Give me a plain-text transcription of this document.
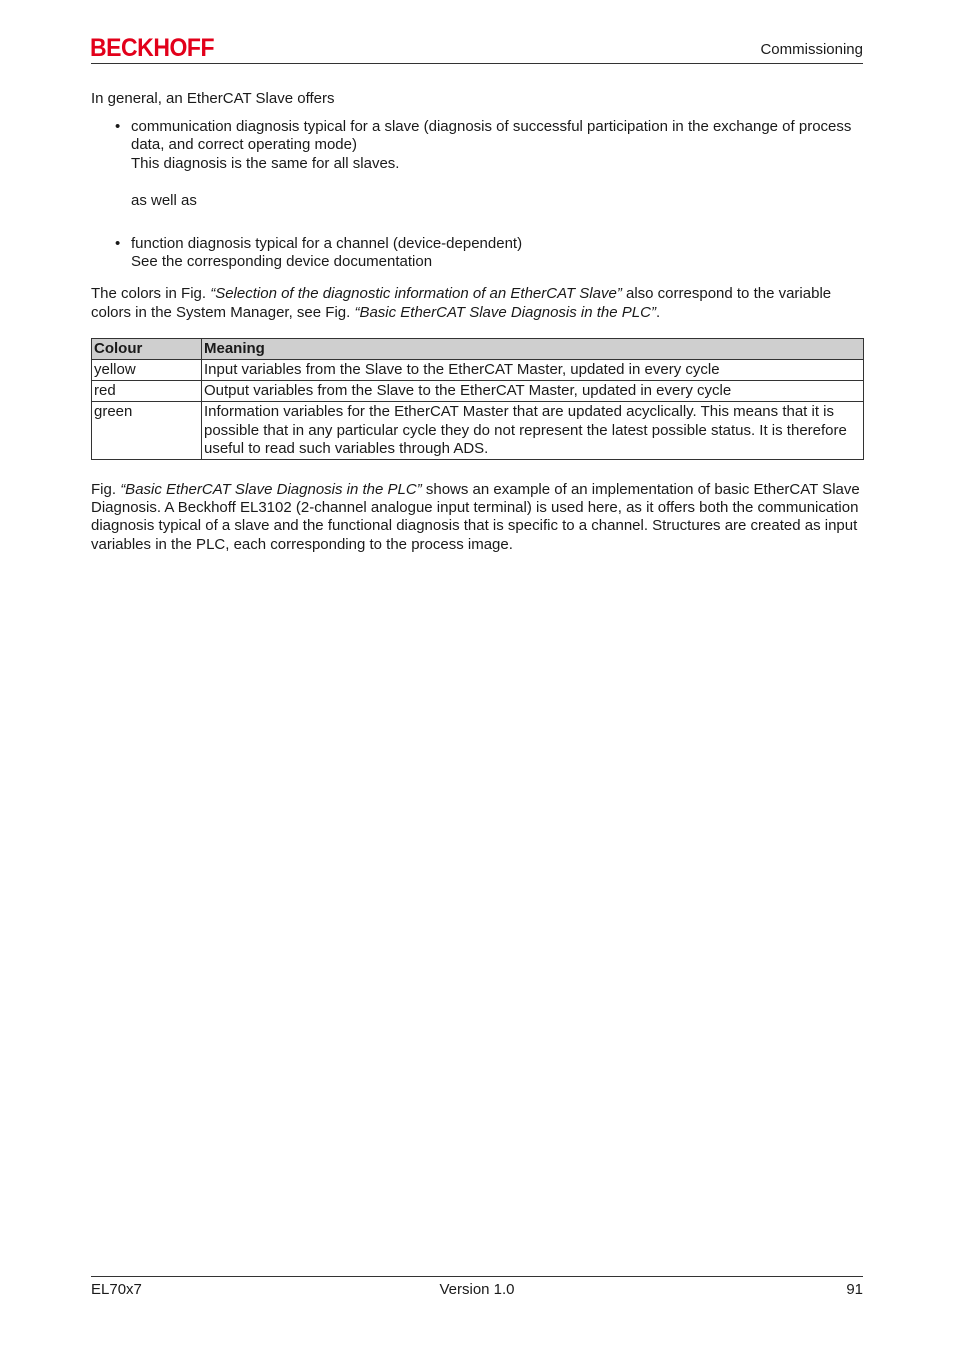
BECKHOFF	Commissioning

In general, an EtherCAT Slave offers

• communication diagnosis typical for a slave (diagnosis of successful participation in the exchange of process data, and correct operating mode)
This diagnosis is the same for all slaves.
as well as
• function diagnosis typical for a channel (device-dependent)
See the corresponding device documentation

The colors in Fig. “Selection of the diagnostic information of an EtherCAT Slave” also correspond to the variable colors in the System Manager, see Fig. “Basic EtherCAT Slave Diagnosis in the PLC”.

Colour	Meaning
yellow	Input variables from the Slave to the EtherCAT Master, updated in every cycle
red	Output variables from the Slave to the EtherCAT Master, updated in every cycle
green	Information variables for the EtherCAT Master that are updated acyclically. This means that it is possible that in any particular cycle they do not represent the latest possible status. It is therefore useful to read such variables through ADS.

Fig. “Basic EtherCAT Slave Diagnosis in the PLC” shows an example of an implementation of basic EtherCAT Slave Diagnosis. A Beckhoff EL3102 (2-channel analogue input terminal) is used here, as it offers both the communication diagnosis typical of a slave and the functional diagnosis that is specific to a channel. Structures are created as input variables in the PLC, each corresponding to the process image.

EL70x7	Version 1.0	91
